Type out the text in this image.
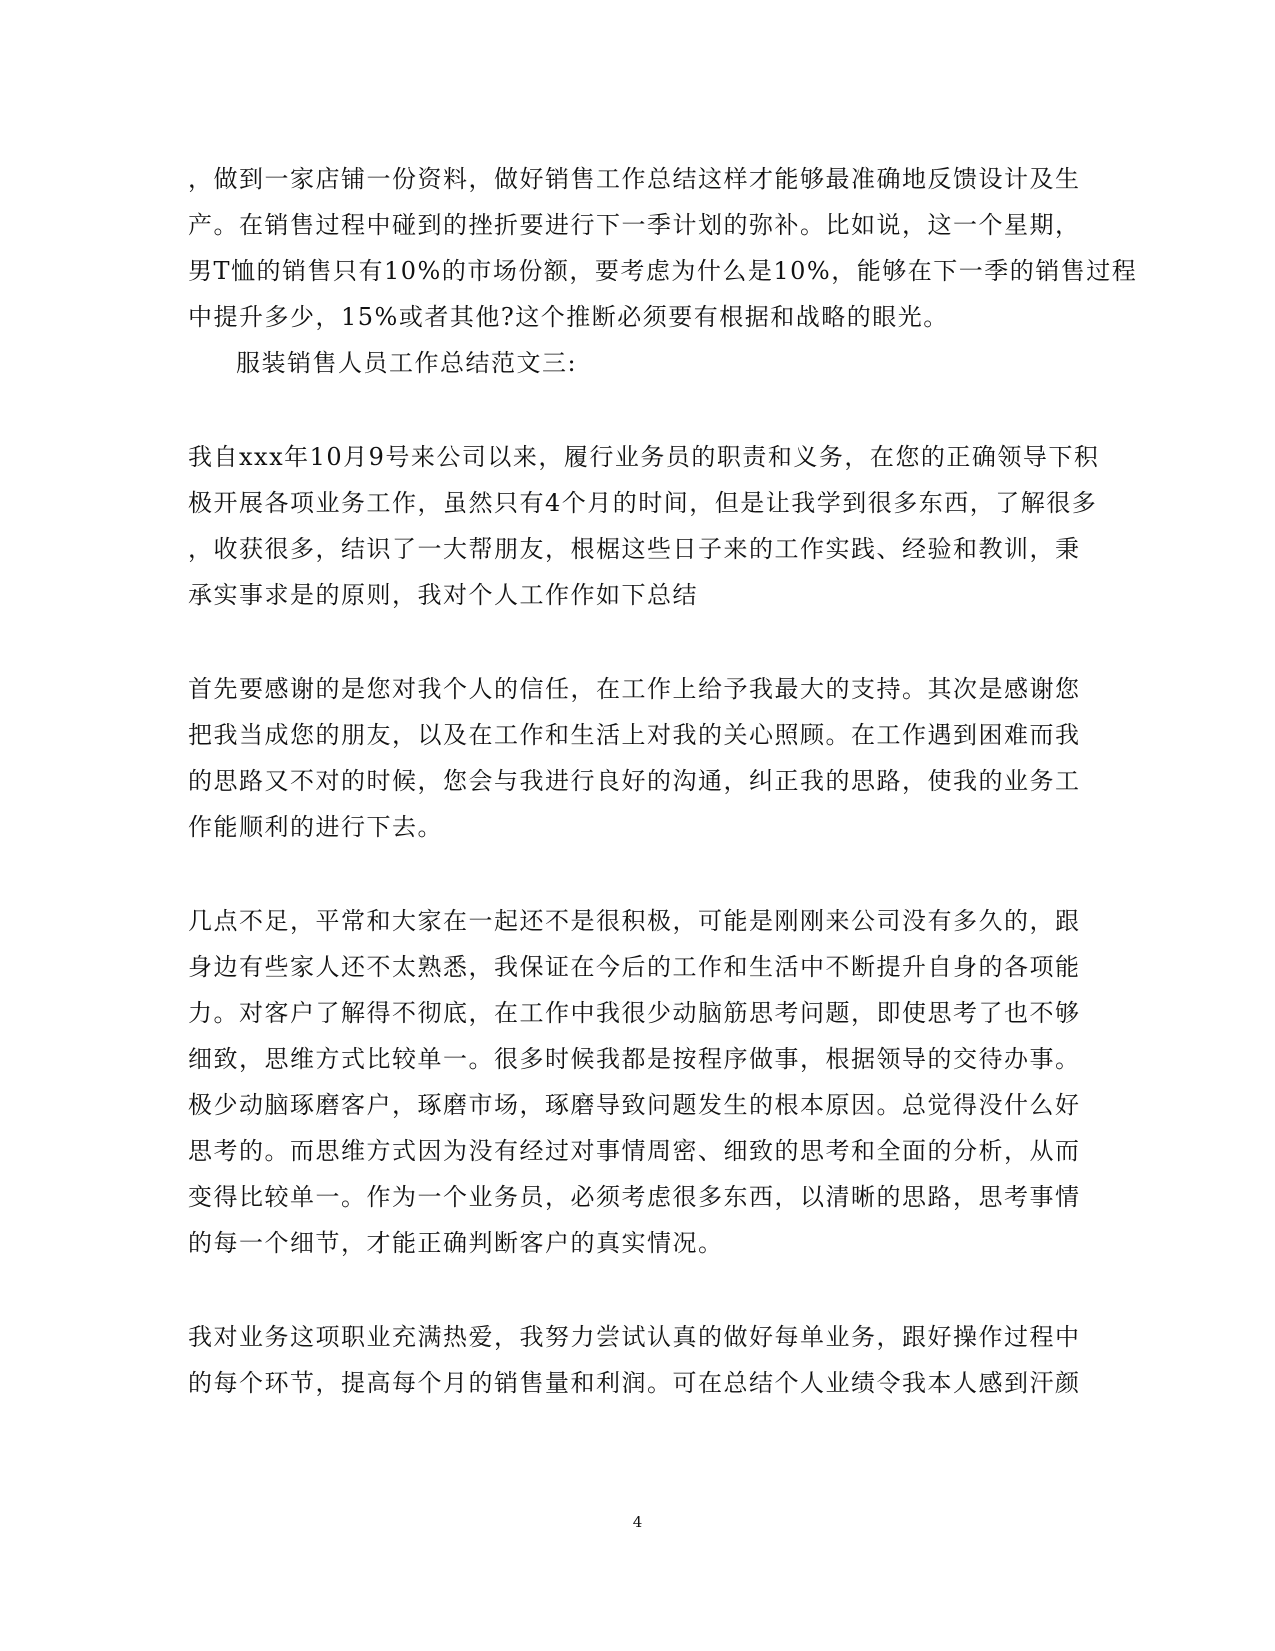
，做到一家店铺一份资料，做好销售工作总结这样才能够最准确地反馈设计及生
产。在销售过程中碰到的挫折要进行下一季计划的弥补。比如说，这一个星期，
男T恤的销售只有10%的市场份额，要考虑为什么是10%，能够在下一季的销售过程
中提升多少，15%或者其他?这个推断必须要有根据和战略的眼光。
服装销售人员工作总结范文三:
我自xxx年10月9号来公司以来，履行业务员的职责和义务，在您的正确领导下积
极开展各项业务工作，虽然只有4个月的时间，但是让我学到很多东西，了解很多
，收获很多，结识了一大帮朋友，根椐这些日子来的工作实践、经验和教训，秉
承实事求是的原则，我对个人工作作如下总结
首先要感谢的是您对我个人的信任，在工作上给予我最大的支持。其次是感谢您
把我当成您的朋友，以及在工作和生活上对我的关心照顾。在工作遇到困难而我
的思路又不对的时候，您会与我进行良好的沟通，纠正我的思路，使我的业务工
作能顺利的进行下去。
几点不足，平常和大家在一起还不是很积极，可能是刚刚来公司没有多久的，跟
身边有些家人还不太熟悉，我保证在今后的工作和生活中不断提升自身的各项能
力。对客户了解得不彻底，在工作中我很少动脑筋思考问题，即使思考了也不够
细致，思维方式比较单一。很多时候我都是按程序做事，根据领导的交待办事。
极少动脑琢磨客户，琢磨市场，琢磨导致问题发生的根本原因。总觉得没什么好
思考的。而思维方式因为没有经过对事情周密、细致的思考和全面的分析，从而
变得比较单一。作为一个业务员，必须考虑很多东西，以清晰的思路，思考事情
的每一个细节，才能正确判断客户的真实情况。
我对业务这项职业充满热爱，我努力尝试认真的做好每单业务，跟好操作过程中
的每个环节，提高每个月的销售量和利润。可在总结个人业绩令我本人感到汗颜
4
